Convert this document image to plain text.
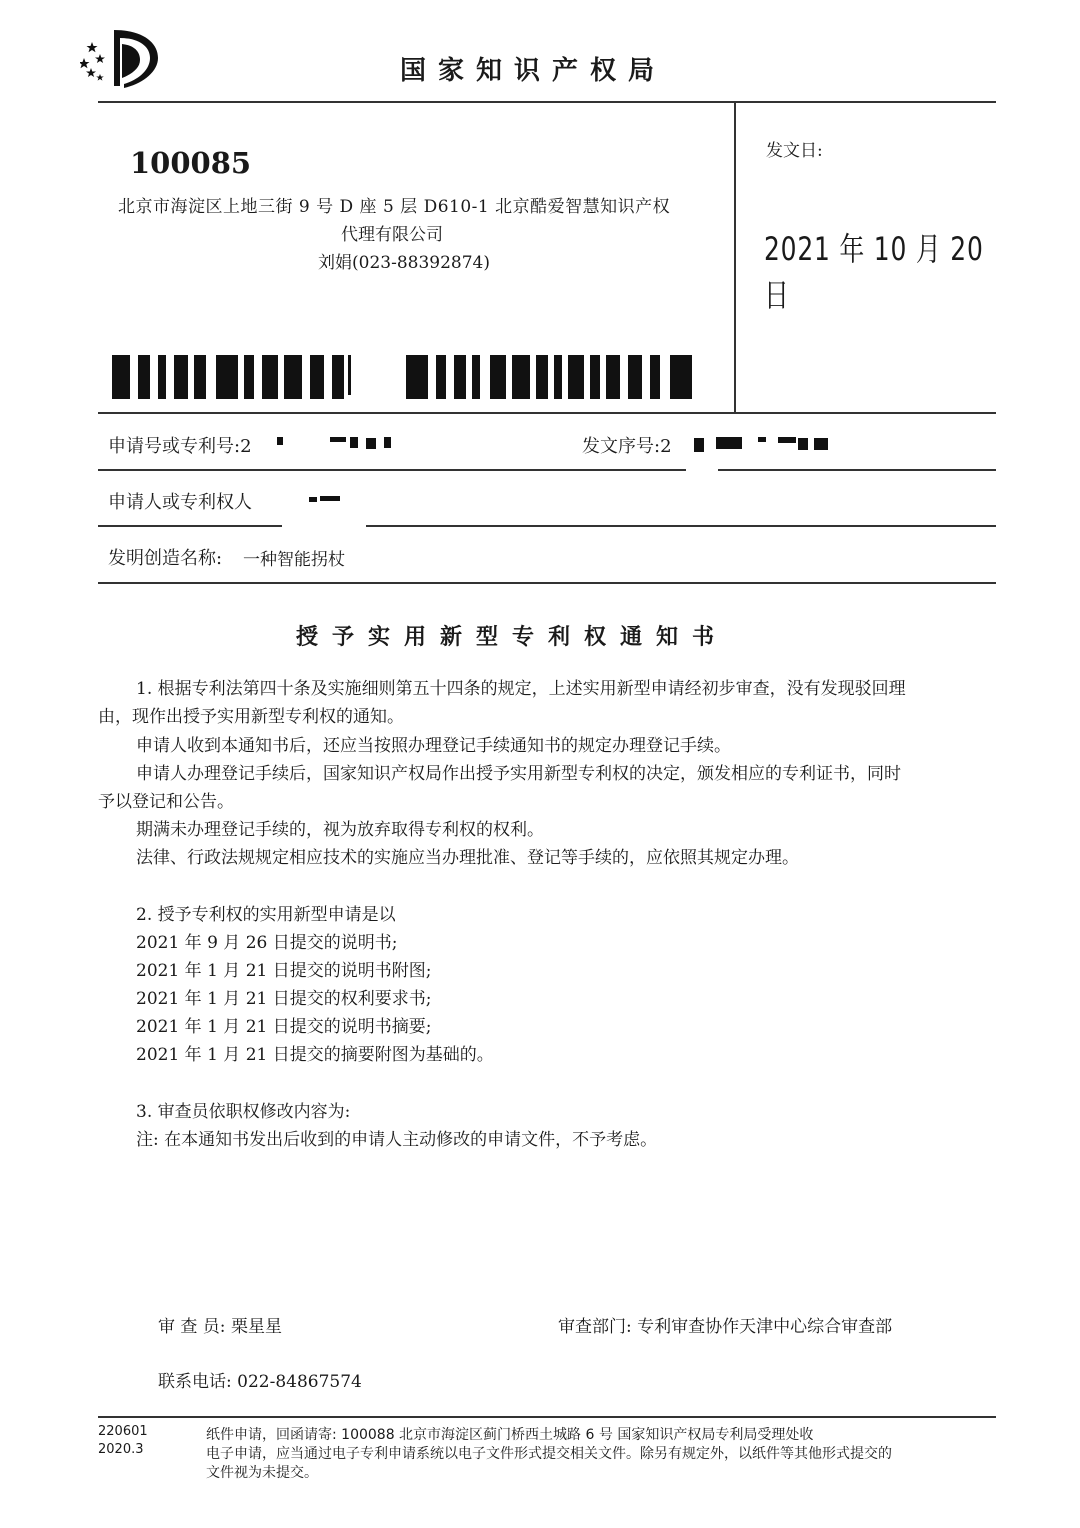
国家知识产权局
100085
北京市海淀区上地三街 9 号 D 座 5 层 D610-1 北京酷爱智慧知识产权
代理有限公司
刘娟(023-88392874)
发文日:
2021 年 10 月 20 日
申请号或专利号:2	发文序号:2
申请人或专利权人
发明创造名称: 一种智能拐杖
授予实用新型专利权通知书
1. 根据专利法第四十条及实施细则第五十四条的规定，上述实用新型申请经初步审查，没有发现驳回理
由，现作出授予实用新型专利权的通知。
申请人收到本通知书后，还应当按照办理登记手续通知书的规定办理登记手续。
申请人办理登记手续后，国家知识产权局作出授予实用新型专利权的决定，颁发相应的专利证书，同时
予以登记和公告。
期满未办理登记手续的，视为放弃取得专利权的权利。
法律、行政法规规定相应技术的实施应当办理批准、登记等手续的，应依照其规定办理。
2. 授予专利权的实用新型申请是以
2021 年 9 月 26 日提交的说明书;
2021 年 1 月 21 日提交的说明书附图;
2021 年 1 月 21 日提交的权利要求书;
2021 年 1 月 21 日提交的说明书摘要;
2021 年 1 月 21 日提交的摘要附图为基础的。
3. 审查员依职权修改内容为:
注: 在本通知书发出后收到的申请人主动修改的申请文件，不予考虑。
审 查 员: 栗星星	审查部门: 专利审查协作天津中心综合审查部
联系电话: 022-84867574
220601
2020.3
纸件申请，回函请寄: 100088 北京市海淀区蓟门桥西土城路 6 号 国家知识产权局专利局受理处收
电子申请，应当通过电子专利申请系统以电子文件形式提交相关文件。除另有规定外，以纸件等其他形式提交的
文件视为未提交。
